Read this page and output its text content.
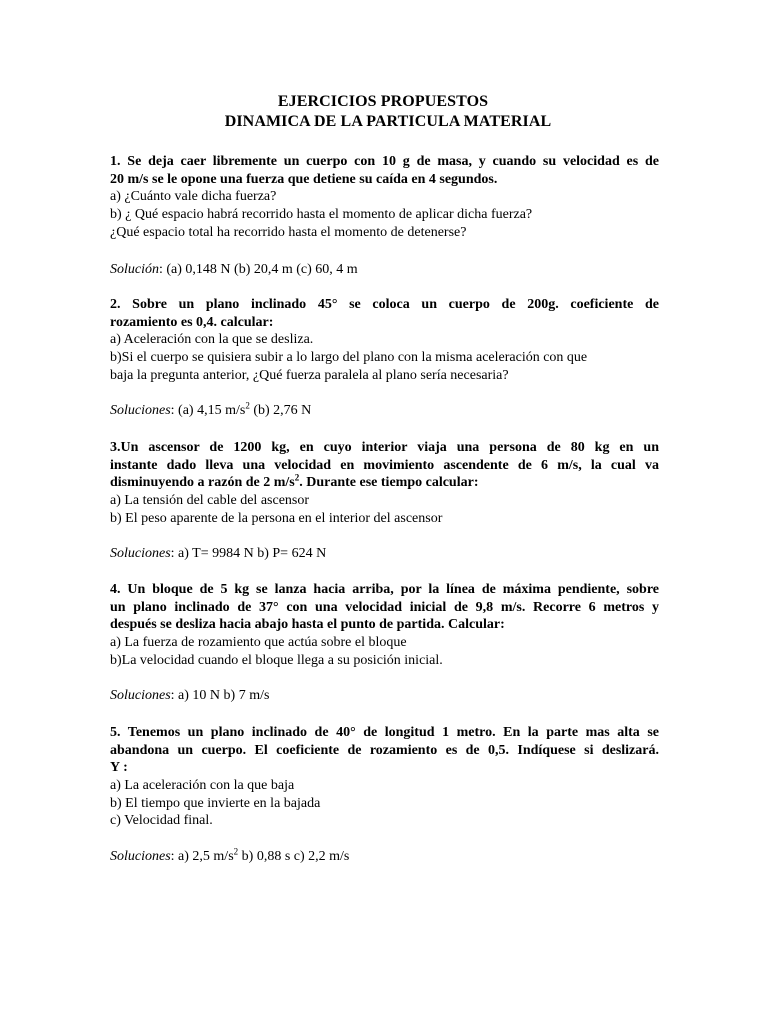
EJERCICIOS PROPUESTOS
DINAMICA DE LA PARTICULA MATERIAL
1. Se deja caer libremente un cuerpo con 10 g de masa, y cuando su velocidad es de
20 m/s se le opone una fuerza que detiene su caída en 4 segundos.
a) ¿Cuánto vale dicha fuerza?
b) ¿ Qué espacio habrá recorrido hasta el momento de aplicar dicha fuerza?
¿Qué espacio total ha recorrido hasta el momento de detenerse?
Solución: (a) 0,148 N (b) 20,4 m (c) 60, 4 m
2. Sobre un plano inclinado 45° se coloca un cuerpo de 200g. coeficiente de
rozamiento es 0,4. calcular:
a) Aceleración con la que se desliza.
b)Si el cuerpo se quisiera subir a lo largo del plano con la misma aceleración con que
baja la pregunta anterior, ¿Qué fuerza paralela al plano sería necesaria?
Soluciones: (a) 4,15 $m/s^2$ (b) 2,76 N
3.Un ascensor de 1200 kg, en cuyo interior viaja una persona de 80 kg en un
instante dado lleva una velocidad en movimiento ascendente de 6 m/s, la cual va
disminuyendo a razón de 2 $m/s^2$. Durante ese tiempo calcular:
a) La tensión del cable del ascensor
b) El peso aparente de la persona en el interior del ascensor
Soluciones: a) T= 9984 N b) P= 624 N
4. Un bloque de 5 kg se lanza hacia arriba, por la línea de máxima pendiente, sobre
un plano inclinado de 37° con una velocidad inicial de 9,8 m/s. Recorre 6 metros y
después se desliza hacia abajo hasta el punto de partida. Calcular:
a) La fuerza de rozamiento que actúa sobre el bloque
b)La velocidad cuando el bloque llega a su posición inicial.
Soluciones: a) 10 N b) 7 m/s
5. Tenemos un plano inclinado de 40° de longitud 1 metro. En la parte mas alta se
abandona un cuerpo. El coeficiente de rozamiento es de 0,5. Indíquese si deslizará.
Y :
a) La aceleración con la que baja
b) El tiempo que invierte en la bajada
c) Velocidad final.
Soluciones: a) 2,5 $m/s^2$ b) 0,88 s c) 2,2 m/s
